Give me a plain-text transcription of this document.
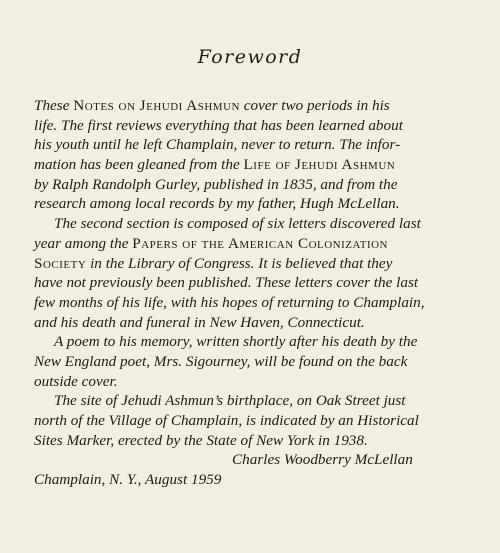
Foreword
These Notes on Jehudi Ashmun cover two periods in his
life. The first reviews everything that has been learned about
his youth until he left Champlain, never to return. The infor-
mation has been gleaned from the Life of Jehudi Ashmun
by Ralph Randolph Gurley, published in 1835, and from the
research among local records by my father, Hugh McLellan.
The second section is composed of six letters discovered last
year among the Papers of the American Colonization
Society in the Library of Congress. It is believed that they
have not previously been published. These letters cover the last
few months of his life, with his hopes of returning to Champlain,
and his death and funeral in New Haven, Connecticut.
A poem to his memory, written shortly after his death by the
New England poet, Mrs. Sigourney, will be found on the back
outside cover.
The site of Jehudi Ashmun’s birthplace, on Oak Street just
north of the Village of Champlain, is indicated by an Historical
Sites Marker, erected by the State of New York in 1938.
Charles Woodberry McLellan
Champlain, N. Y., August 1959
